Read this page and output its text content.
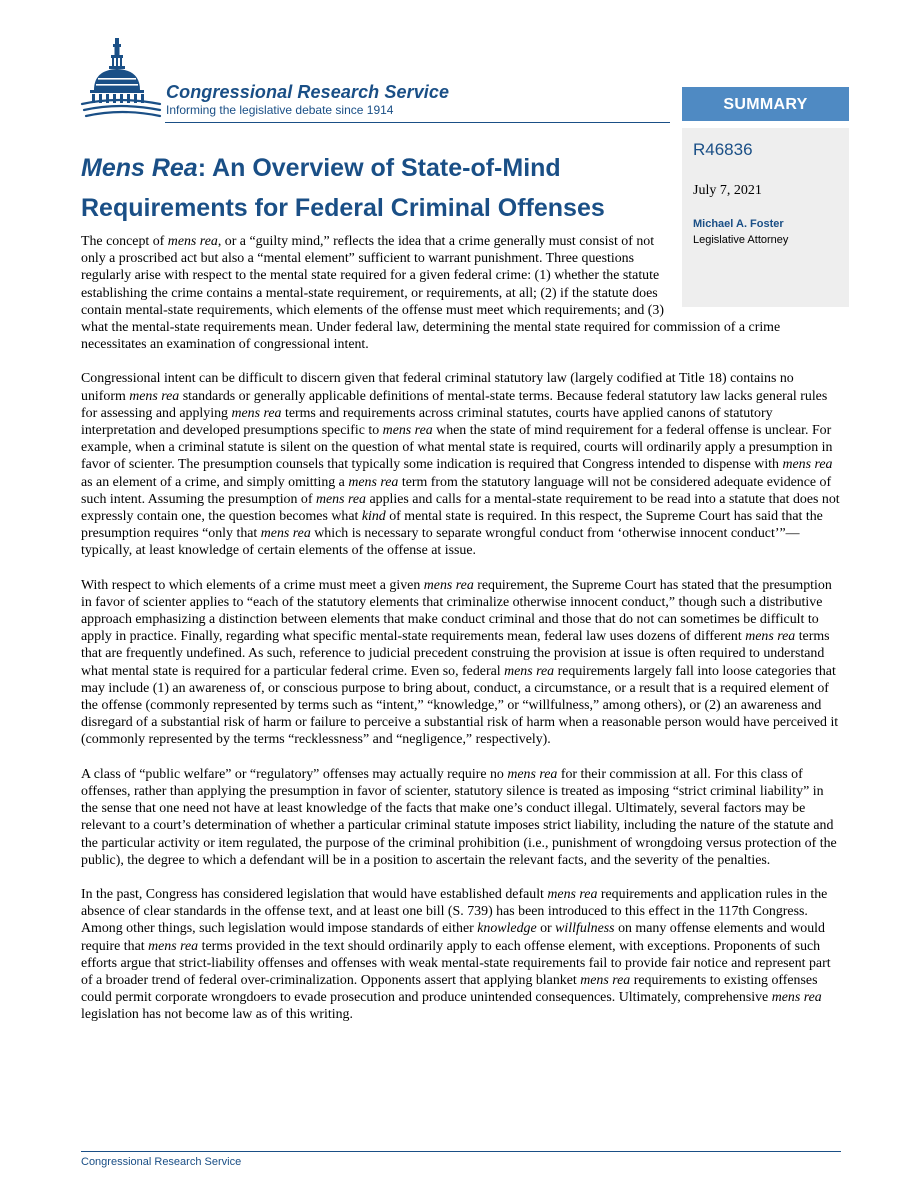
Congressional Research Service
Informing the legislative debate since 1914	SUMMARY
R46836
July 7, 2021
Michael A. Foster
Legislative Attorney
Mens Rea: An Overview of State-of-Mind Requirements for Federal Criminal Offenses

The concept of mens rea, or a “guilty mind,” reflects the idea that a crime generally must consist of not only a proscribed act but also a “mental element” sufficient to warrant punishment. Three questions regularly arise with respect to the mental state required for a given federal crime: (1) whether the statute establishing the crime contains a mental-state requirement, or requirements, at all; (2) if the statute does contain mental-state requirements, which elements of the offense must meet which requirements; and (3) what the mental-state requirements mean. Under federal law, determining the mental state required for commission of a crime necessitates an examination of congressional intent.

Congressional intent can be difficult to discern given that federal criminal statutory law (largely codified at Title 18) contains no uniform mens rea standards or generally applicable definitions of mental-state terms. Because federal statutory law lacks general rules for assessing and applying mens rea terms and requirements across criminal statutes, courts have applied canons of statutory interpretation and developed presumptions specific to mens rea when the state of mind requirement for a federal offense is unclear. For example, when a criminal statute is silent on the question of what mental state is required, courts will ordinarily apply a presumption in favor of scienter. The presumption counsels that typically some indication is required that Congress intended to dispense with mens rea as an element of a crime, and simply omitting a mens rea term from the statutory language will not be considered adequate evidence of such intent. Assuming the presumption of mens rea applies and calls for a mental-state requirement to be read into a statute that does not expressly contain one, the question becomes what kind of mental state is required. In this respect, the Supreme Court has said that the presumption requires “only that mens rea which is necessary to separate wrongful conduct from ‘otherwise innocent conduct’”—typically, at least knowledge of certain elements of the offense at issue.

With respect to which elements of a crime must meet a given mens rea requirement, the Supreme Court has stated that the presumption in favor of scienter applies to “each of the statutory elements that criminalize otherwise innocent conduct,” though such a distributive approach emphasizing a distinction between elements that make conduct criminal and those that do not can sometimes be difficult to apply in practice. Finally, regarding what specific mental-state requirements mean, federal law uses dozens of different mens rea terms that are frequently undefined. As such, reference to judicial precedent construing the provision at issue is often required to understand what mental state is required for a particular federal crime. Even so, federal mens rea requirements largely fall into loose categories that may include (1) an awareness of, or conscious purpose to bring about, conduct, a circumstance, or a result that is a required element of the offense (commonly represented by terms such as “intent,” “knowledge,” or “willfulness,” among others), or (2) an awareness and disregard of a substantial risk of harm or failure to perceive a substantial risk of harm when a reasonable person would have perceived it (commonly represented by the terms “recklessness” and “negligence,” respectively).

A class of “public welfare” or “regulatory” offenses may actually require no mens rea for their commission at all. For this class of offenses, rather than applying the presumption in favor of scienter, statutory silence is treated as imposing “strict criminal liability” in the sense that one need not have at least knowledge of the facts that make one’s conduct illegal. Ultimately, several factors may be relevant to a court’s determination of whether a particular criminal statute imposes strict liability, including the nature of the statute and the particular activity or item regulated, the purpose of the criminal prohibition (i.e., punishment of wrongdoing versus protection of the public), the degree to which a defendant will be in a position to ascertain the relevant facts, and the severity of the penalties.

In the past, Congress has considered legislation that would have established default mens rea requirements and application rules in the absence of clear standards in the offense text, and at least one bill (S. 739) has been introduced to this effect in the 117th Congress. Among other things, such legislation would impose standards of either knowledge or willfulness on many offense elements and would require that mens rea terms provided in the text should ordinarily apply to each offense element, with exceptions. Proponents of such efforts argue that strict-liability offenses and offenses with weak mental-state requirements fail to provide fair notice and represent part of a broader trend of federal over-criminalization. Opponents assert that applying blanket mens rea requirements to existing offenses could permit corporate wrongdoers to evade prosecution and produce unintended consequences. Ultimately, comprehensive mens rea legislation has not become law as of this writing.

Congressional Research Service
